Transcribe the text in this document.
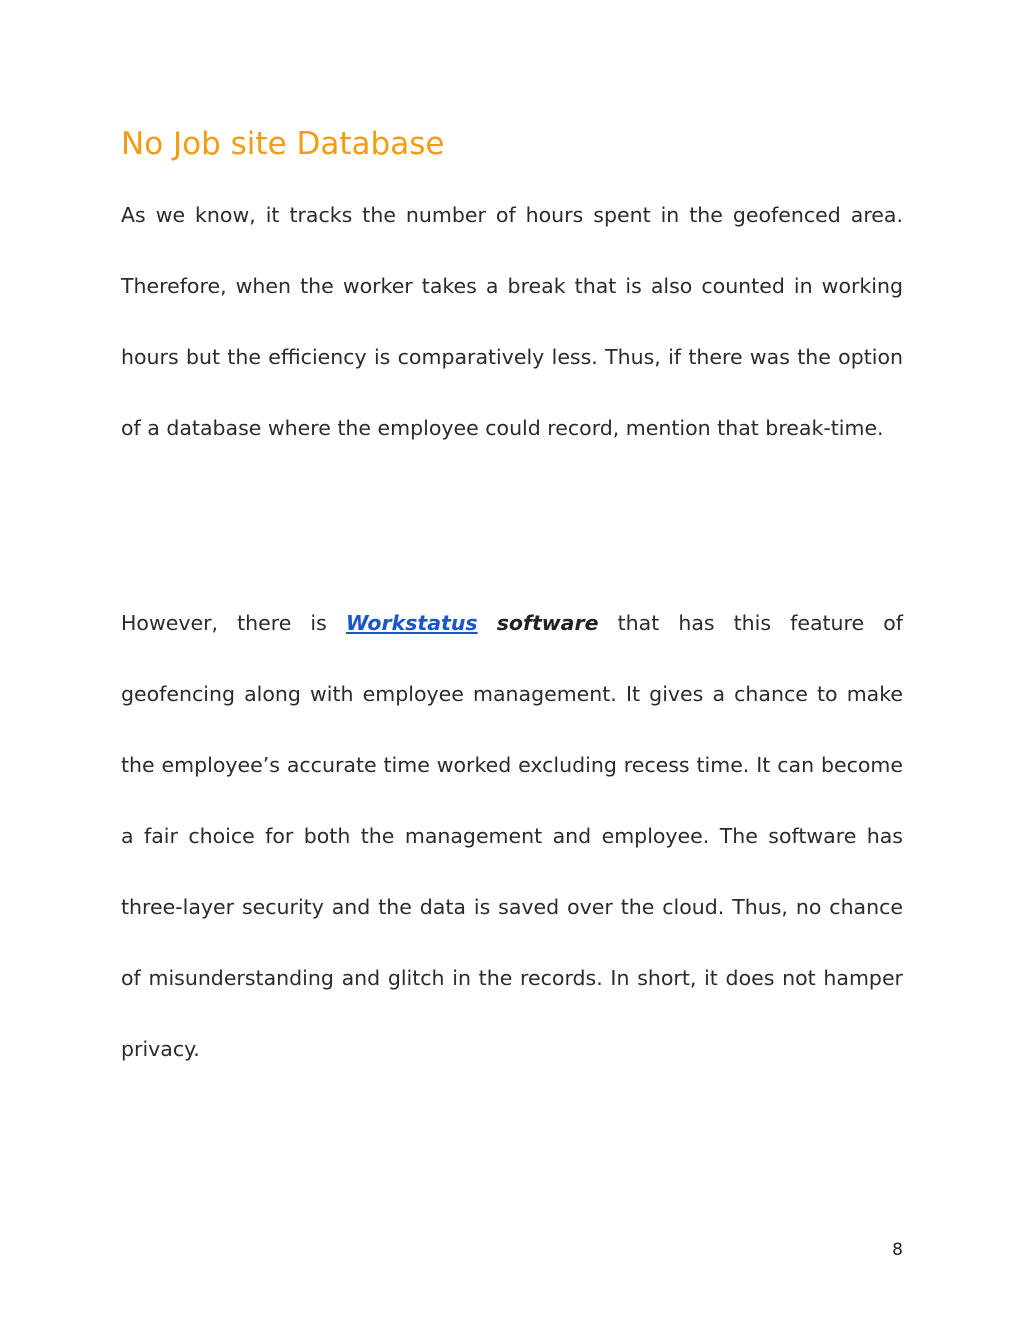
No Job site Database

As we know, it tracks the number of hours spent in the geofenced area. Therefore, when the worker takes a break that is also counted in working hours but the efficiency is comparatively less. Thus, if there was the option of a database where the employee could record, mention that break-time.

However, there is Workstatus software that has this feature of geofencing along with employee management. It gives a chance to make the employee’s accurate time worked excluding recess time. It can become a fair choice for both the management and employee. The software has three-layer security and the data is saved over the cloud. Thus, no chance of misunderstanding and glitch in the records. In short, it does not hamper privacy.

8
